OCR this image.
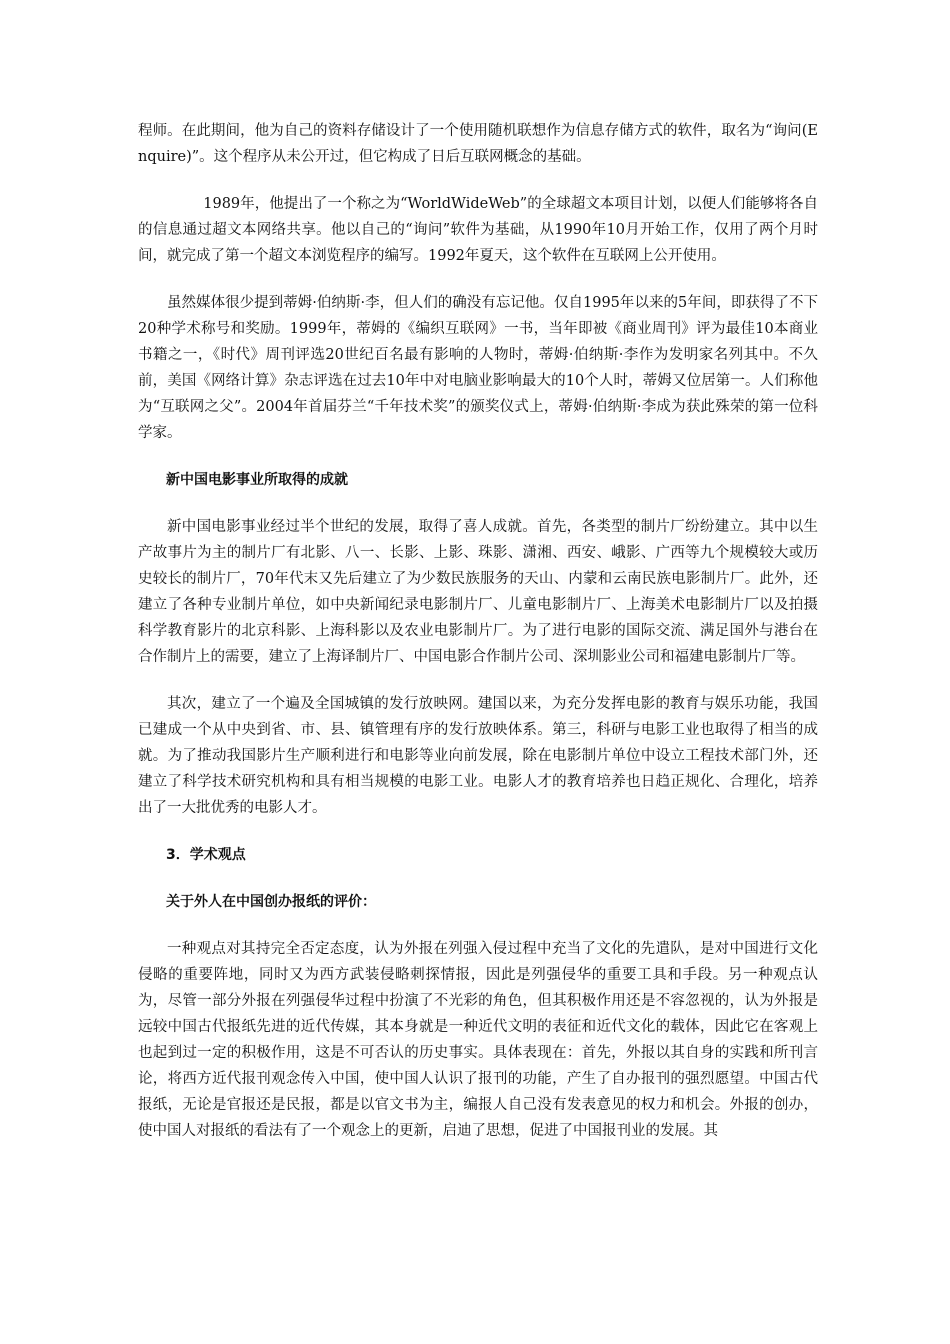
程师。在此期间，他为自己的资料存储设计了一个使用随机联想作为信息存储方式的软件，取名为“询问(Enquire)”。这个程序从未公开过，但它构成了日后互联网概念的基础。

1989年，他提出了一个称之为“WorldWideWeb”的全球超文本项目计划，以便人们能够将各自的信息通过超文本网络共享。他以自己的“询问”软件为基础，从1990年10月开始工作，仅用了两个月时间，就完成了第一个超文本浏览程序的编写。1992年夏天，这个软件在互联网上公开使用。

虽然媒体很少提到蒂姆·伯纳斯·李，但人们的确没有忘记他。仅自1995年以来的5年间，即获得了不下20种学术称号和奖励。1999年，蒂姆的《编织互联网》一书，当年即被《商业周刊》评为最佳10本商业书籍之一，《时代》周刊评选20世纪百名最有影响的人物时，蒂姆·伯纳斯·李作为发明家名列其中。不久前，美国《网络计算》杂志评选在过去10年中对电脑业影响最大的10个人时，蒂姆又位居第一。人们称他为“互联网之父”。2004年首届芬兰“千年技术奖”的颁奖仪式上，蒂姆·伯纳斯·李成为获此殊荣的第一位科学家。

新中国电影事业所取得的成就

新中国电影事业经过半个世纪的发展，取得了喜人成就。首先，各类型的制片厂纷纷建立。其中以生产故事片为主的制片厂有北影、八一、长影、上影、珠影、潇湘、西安、峨影、广西等九个规模较大或历史较长的制片厂，70年代末又先后建立了为少数民族服务的天山、内蒙和云南民族电影制片厂。此外，还建立了各种专业制片单位，如中央新闻纪录电影制片厂、儿童电影制片厂、上海美术电影制片厂以及拍摄科学教育影片的北京科影、上海科影以及农业电影制片厂。为了进行电影的国际交流、满足国外与港台在合作制片上的需要，建立了上海译制片厂、中国电影合作制片公司、深圳影业公司和福建电影制片厂等。

其次，建立了一个遍及全国城镇的发行放映网。建国以来，为充分发挥电影的教育与娱乐功能，我国已建成一个从中央到省、市、县、镇管理有序的发行放映体系。第三，科研与电影工业也取得了相当的成就。为了推动我国影片生产顺利进行和电影等业向前发展，除在电影制片单位中设立工程技术部门外，还建立了科学技术研究机构和具有相当规模的电影工业。电影人才的教育培养也日趋正规化、合理化，培养出了一大批优秀的电影人才。

3．学术观点

关于外人在中国创办报纸的评价：

一种观点对其持完全否定态度，认为外报在列强入侵过程中充当了文化的先遣队，是对中国进行文化侵略的重要阵地，同时又为西方武装侵略刺探情报，因此是列强侵华的重要工具和手段。另一种观点认为，尽管一部分外报在列强侵华过程中扮演了不光彩的角色，但其积极作用还是不容忽视的，认为外报是远较中国古代报纸先进的近代传媒，其本身就是一种近代文明的表征和近代文化的载体，因此它在客观上也起到过一定的积极作用，这是不可否认的历史事实。具体表现在：首先，外报以其自身的实践和所刊言论，将西方近代报刊观念传入中国，使中国人认识了报刊的功能，产生了自办报刊的强烈愿望。中国古代报纸，无论是官报还是民报，都是以官文书为主，编报人自己没有发表意见的权力和机会。外报的创办，使中国人对报纸的看法有了一个观念上的更新，启迪了思想，促进了中国报刊业的发展。其
